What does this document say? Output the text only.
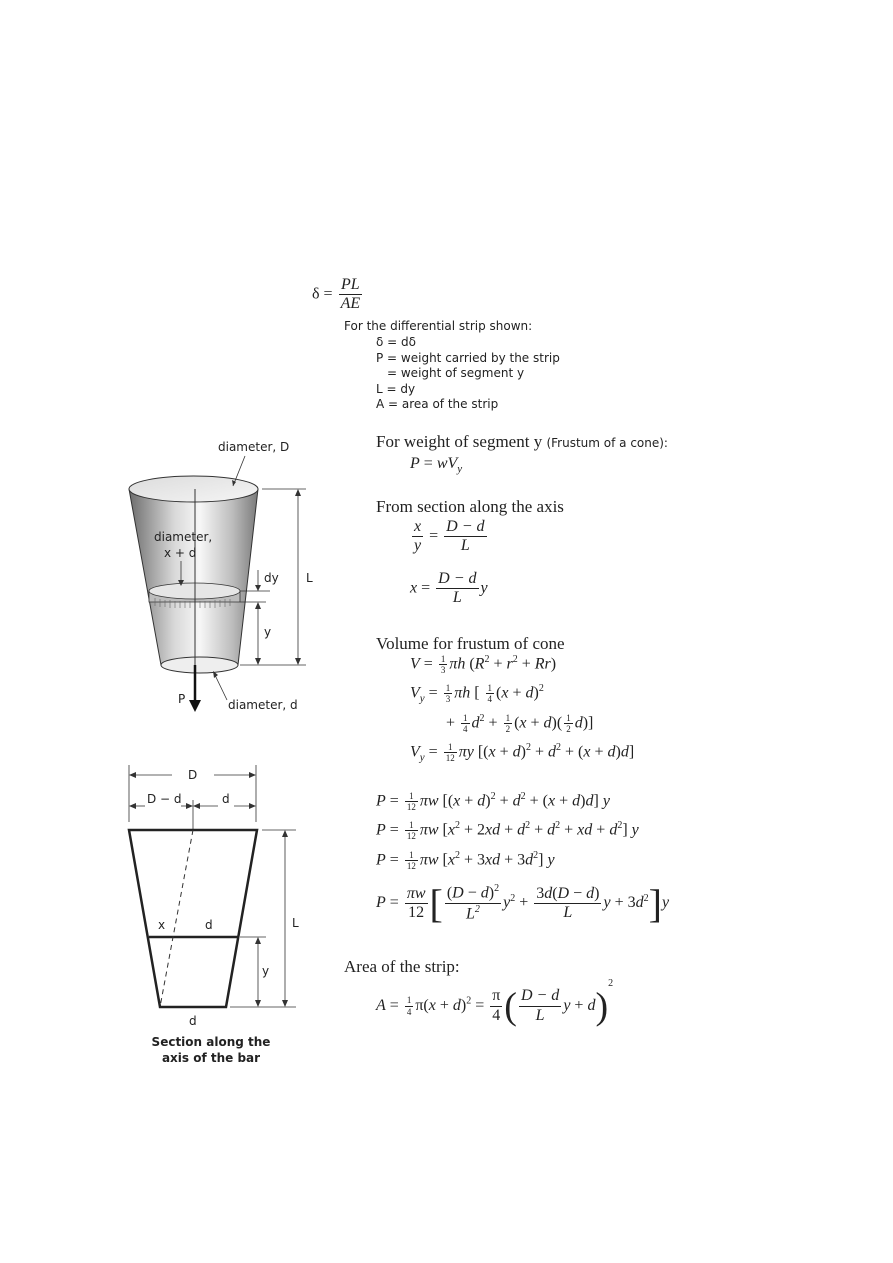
$\delta = \frac{PL}{AE}$
For the differential strip shown:
δ = dδ
P = weight carried by the strip
= weight of segment y
L = dy
A = area of the strip
For weight of segment y (Frustum of a cone):
$P = wV_y$
From section along the axis
$\frac{x}{y} = \frac{D - d}{L}$
$x = \frac{D - d}{L}$ y
Volume for frustum of cone
$V = \frac{1}{3}$ πh $(R^2 + r^2 + Rr)$
$V_y = \frac{1}{3}$ πh [ $\frac{1}{4} (x + d)^2$
+ $\frac{1}{4} d^2 + \frac{1}{2} (x + d)( \frac{1}{2} d)$]
$V_y = \frac{1}{12}$ πy $[(x + d)^2 + d^2 + (x + d)d]$
$P = \frac{1}{12}$ πw $[(x + d)^2 + d^2 + (x + d)d]$ y
$P = \frac{1}{12}$ πw [$x^2 + 2xd + d^2 + d^2$ + xd + $d^2$] y
$P = \frac{1}{12}$ πw $[x^2 + 3xd + 3d^2]$ y
$P = \frac{\pi w}{12}$ [ $\frac{(D - d)^2}{L^2} y^2 + \frac{3d(D - d)}{L}$ $y + 3d^2]y$
Area of the strip:
$A = \frac{1}{4} \pi(x + d)^2 = \frac{\pi}{4}$ ( $\frac{D - d}{L}$ y + d)$^2$
diameter, D
diameter,
x + d
dy L
y
P	diameter, d
D
D − d	d
x	d	L
y
d
Section along the
axis of the bar
